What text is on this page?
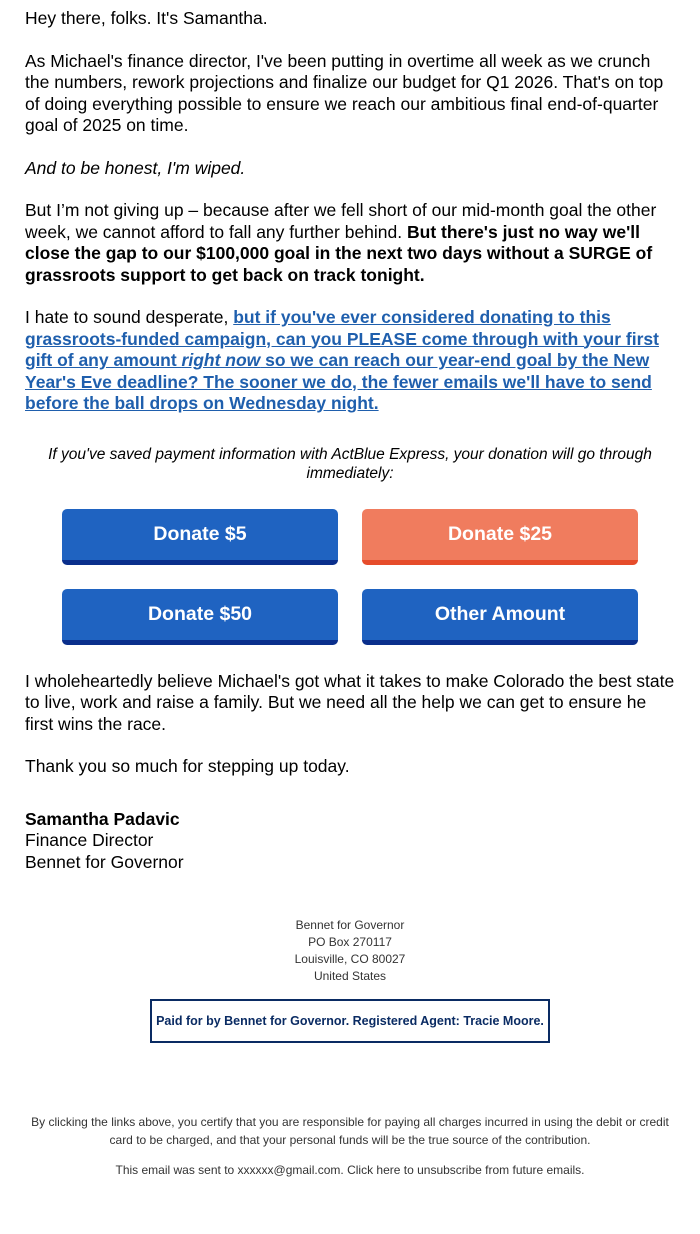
Hey there, folks. It's Samantha.

As Michael's finance director, I've been putting in overtime all week as we crunch the numbers, rework projections and finalize our budget for Q1 2026. That's on top of doing everything possible to ensure we reach our ambitious final end-of-quarter goal of 2025 on time.

And to be honest, I'm wiped.

But I’m not giving up – because after we fell short of our mid-month goal the other week, we cannot afford to fall any further behind. But there's just no way we'll close the gap to our $100,000 goal in the next two days without a SURGE of grassroots support to get back on track tonight.

I hate to sound desperate, but if you've ever considered donating to this grassroots-funded campaign, can you PLEASE come through with your first gift of any amount right now so we can reach our year-end goal by the New Year's Eve deadline? The sooner we do, the fewer emails we'll have to send before the ball drops on Wednesday night.

If you've saved payment information with ActBlue Express, your donation will go through immediately:
Donate $5	Donate $25
Donate $50	Other Amount

I wholeheartedly believe Michael's got what it takes to make Colorado the best state to live, work and raise a family. But we need all the help we can get to ensure he first wins the race.

Thank you so much for stepping up today.

Samantha Padavic
Finance Director
Bennet for Governor
Bennet for Governor
PO Box 270117
Louisville, CO 80027
United States
Paid for by Bennet for Governor. Registered Agent: Tracie Moore.
By clicking the links above, you certify that you are responsible for paying all charges incurred in using the debit or credit card to be charged, and that your personal funds will be the true source of the contribution.
This email was sent to xxxxxx@gmail.com. Click here to unsubscribe from future emails.
